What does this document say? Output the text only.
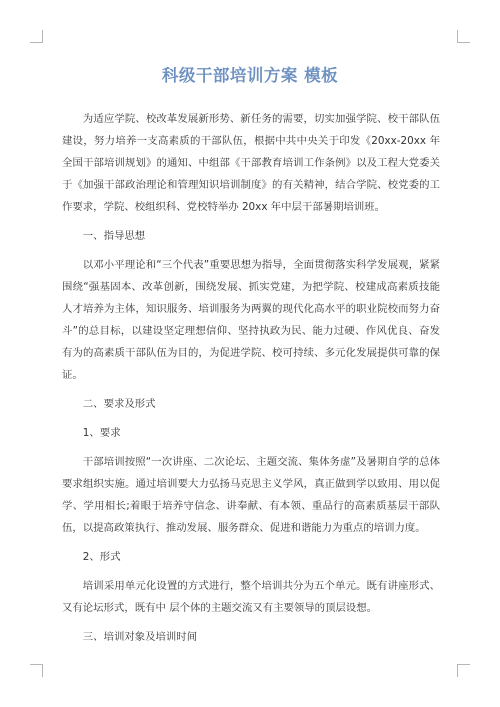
科级干部培训方案 模板

为适应学院、校改革发展新形势、新任务的需要，切实加强学院、校干部队伍建设，努力培养一支高素质的干部队伍，根据中共中央关于印发《20xx-20xx 年全国干部培训规划》的通知、中组部《干部教育培训工作条例》以及工程大党委关于《加强干部政治理论和管理知识培训制度》的有关精神，结合学院、校党委的工作要求，学院、校组织科、党校特举办 20xx 年中层干部暑期培训班。

一、指导思想

以邓小平理论和“三个代表”重要思想为指导，全面贯彻落实科学发展观，紧紧围绕“强基固本、改革创新，围绕发展、抓实党建，为把学院、校建成高素质技能人才培养为主体，知识服务、培训服务为两翼的现代化高水平的职业院校而努力奋斗”的总目标，以建设坚定理想信仰、坚持执政为民、能力过硬、作风优良、奋发有为的高素质干部队伍为目的，为促进学院、校可持续、多元化发展提供可靠的保证。

二、要求及形式

1、要求

干部培训按照“一次讲座、二次论坛、主题交流、集体务虚”及暑期自学的总体要求组织实施。通过培训要大力弘扬马克思主义学风，真正做到学以致用、用以促学、学用相长;着眼于培养守信念、讲奉献、有本领、重品行的高素质基层干部队伍，以提高政策执行、推动发展、服务群众、促进和谐能力为重点的培训力度。

2、形式

培训采用单元化设置的方式进行，整个培训共分为五个单元。既有讲座形式、又有论坛形式，既有中 层个体的主题交流又有主要领导的顶层设想。

三、培训对象及培训时间
